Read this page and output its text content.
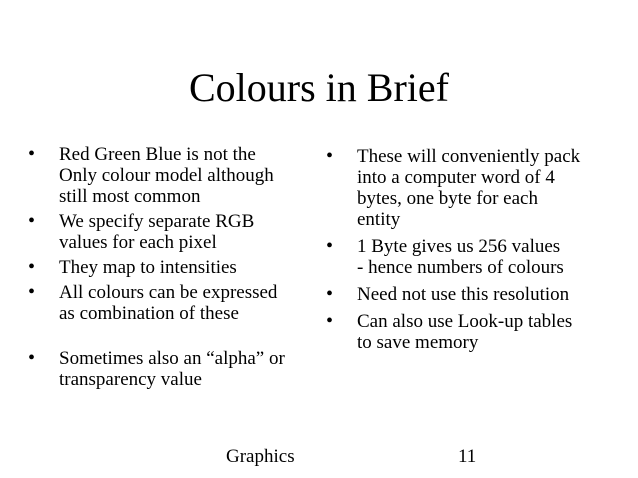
Colours in Brief
• Red Green Blue is not the
Only colour model although
still most common
• We specify separate RGB
values for each pixel
• They map to intensities
• All colours can be expressed
as combination of these
• Sometimes also an “alpha” or
transparency value
• These will conveniently pack
into a computer word of 4
bytes, one byte for each
entity
• 1 Byte gives us 256 values
- hence numbers of colours
• Need not use this resolution
• Can also use Look-up tables
to save memory
Graphics	11
